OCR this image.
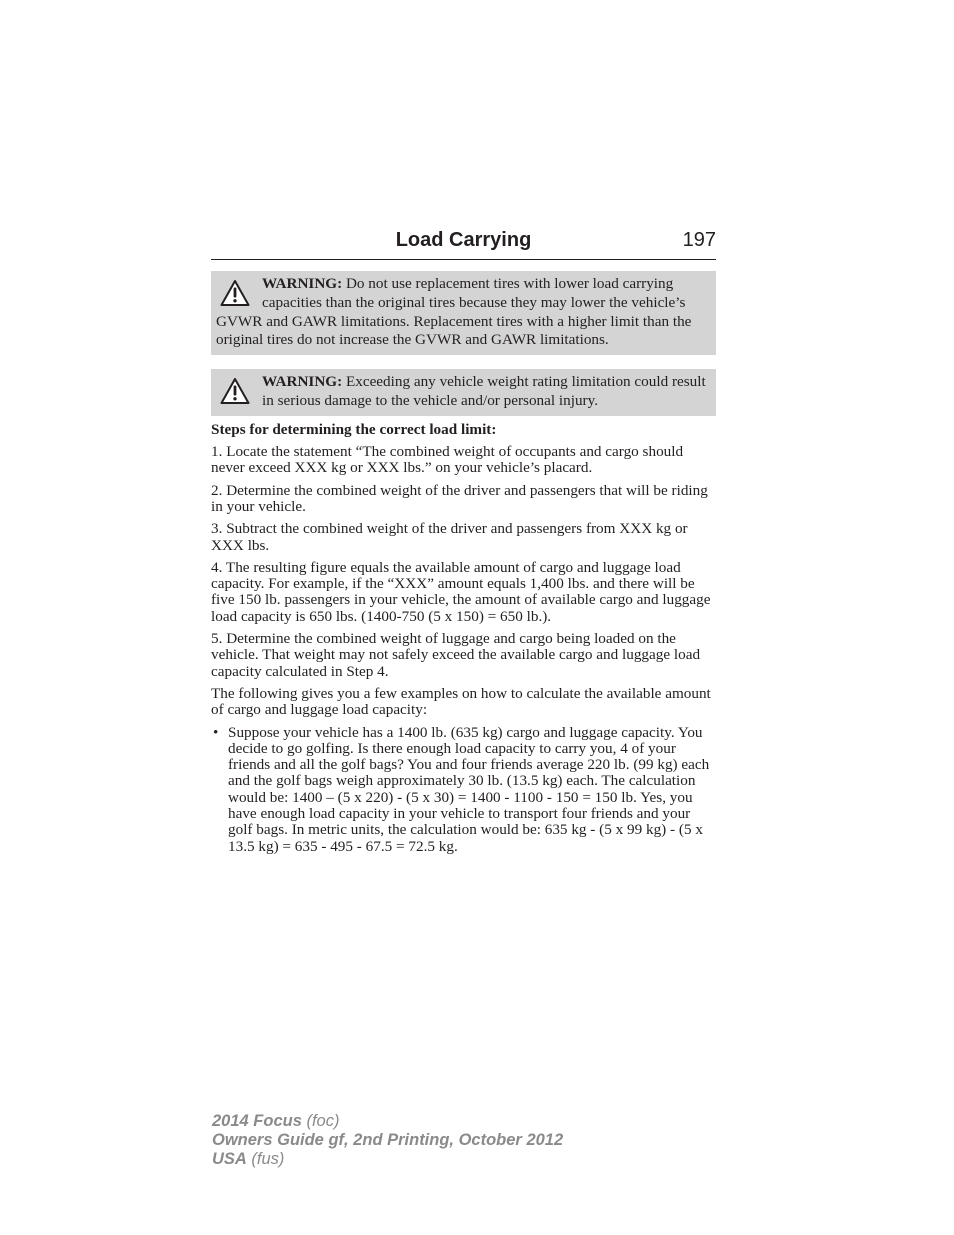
Load Carrying	197
WARNING: Do not use replacement tires with lower load carrying capacities than the original tires because they may lower the vehicle’s GVWR and GAWR limitations. Replacement tires with a higher limit than the original tires do not increase the GVWR and GAWR limitations.
WARNING: Exceeding any vehicle weight rating limitation could result in serious damage to the vehicle and/or personal injury.
Steps for determining the correct load limit:
1. Locate the statement “The combined weight of occupants and cargo should never exceed XXX kg or XXX lbs.” on your vehicle’s placard.
2. Determine the combined weight of the driver and passengers that will be riding in your vehicle.
3. Subtract the combined weight of the driver and passengers from XXX kg or XXX lbs.
4. The resulting figure equals the available amount of cargo and luggage load capacity. For example, if the “XXX” amount equals 1,400 lbs. and there will be five 150 lb. passengers in your vehicle, the amount of available cargo and luggage load capacity is 650 lbs. (1400-750 (5 x 150) = 650 lb.).
5. Determine the combined weight of luggage and cargo being loaded on the vehicle. That weight may not safely exceed the available cargo and luggage load capacity calculated in Step 4.
The following gives you a few examples on how to calculate the available amount of cargo and luggage load capacity:
• Suppose your vehicle has a 1400 lb. (635 kg) cargo and luggage capacity. You decide to go golfing. Is there enough load capacity to carry you, 4 of your friends and all the golf bags? You and four friends average 220 lb. (99 kg) each and the golf bags weigh approximately 30 lb. (13.5 kg) each. The calculation would be: 1400 – (5 x 220) - (5 x 30) = 1400 - 1100 - 150 = 150 lb. Yes, you have enough load capacity in your vehicle to transport four friends and your golf bags. In metric units, the calculation would be: 635 kg - (5 x 99 kg) - (5 x 13.5 kg) = 635 - 495 - 67.5 = 72.5 kg.
2014 Focus (foc)
Owners Guide gf, 2nd Printing, October 2012
USA (fus)
